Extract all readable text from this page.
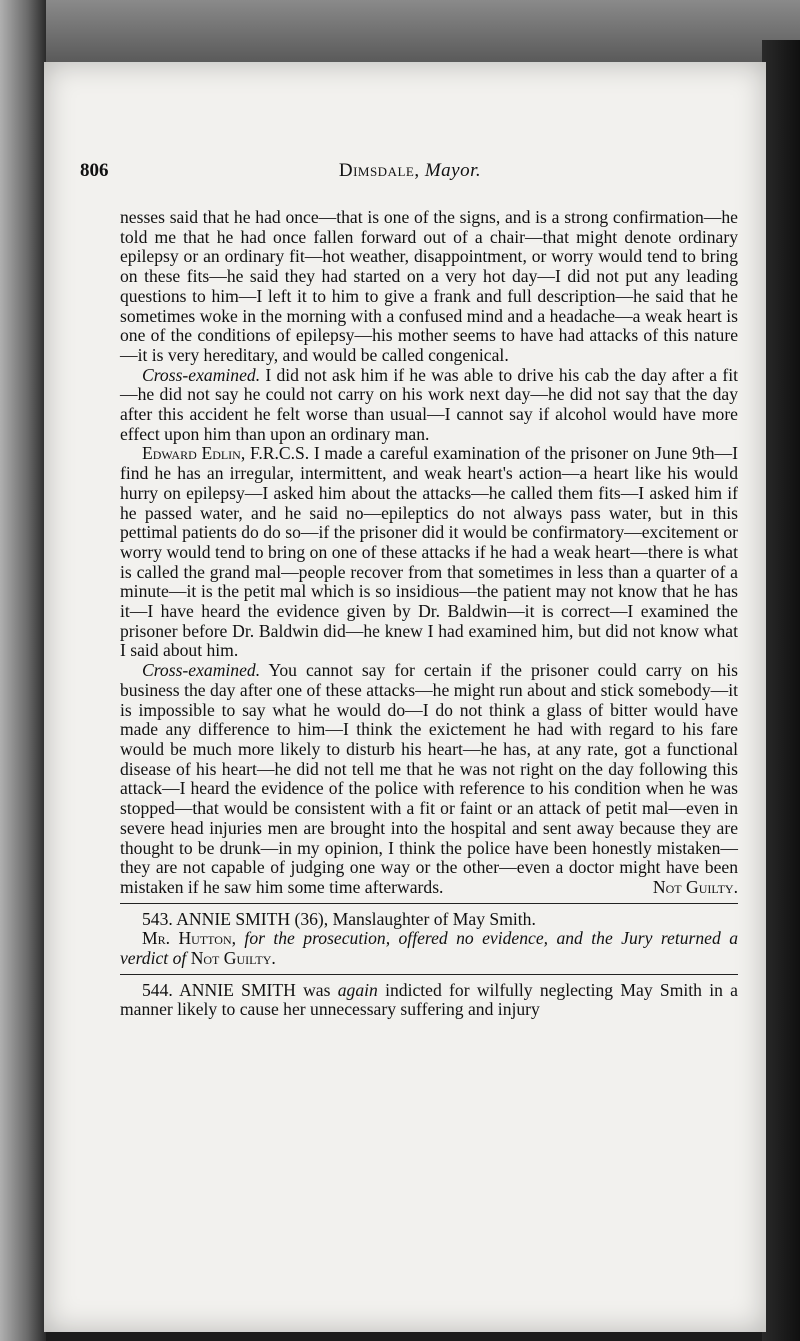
806	Dimsdale, Mayor.

nesses said that he had once—that is one of the signs, and is a strong confirmation—he told me that he had once fallen forward out of a chair—that might denote ordinary epilepsy or an ordinary fit—hot weather, disappointment, or worry would tend to bring on these fits—he said they had started on a very hot day—I did not put any leading questions to him—I left it to him to give a frank and full description—he said that he sometimes woke in the morning with a confused mind and a headache—a weak heart is one of the conditions of epilepsy—his mother seems to have had attacks of this nature—it is very hereditary, and would be called congenical.

Cross-examined. I did not ask him if he was able to drive his cab the day after a fit—he did not say he could not carry on his work next day—he did not say that the day after this accident he felt worse than usual—I cannot say if alcohol would have more effect upon him than upon an ordinary man.

Edward Edlin, F.R.C.S. I made a careful examination of the prisoner on June 9th—I find he has an irregular, intermittent, and weak heart's action—a heart like his would hurry on epilepsy—I asked him about the attacks—he called them fits—I asked him if he passed water, and he said no—epileptics do not always pass water, but in this pettimal patients do do so—if the prisoner did it would be confirmatory—excitement or worry would tend to bring on one of these attacks if he had a weak heart—there is what is called the grand mal—people recover from that sometimes in less than a quarter of a minute—it is the petit mal which is so insidious—the patient may not know that he has it—I have heard the evidence given by Dr. Baldwin—it is correct—I examined the prisoner before Dr. Baldwin did—he knew I had examined him, but did not know what I said about him.

Cross-examined. You cannot say for certain if the prisoner could carry on his business the day after one of these attacks—he might run about and stick somebody—it is impossible to say what he would do—I do not think a glass of bitter would have made any difference to him—I think the exictement he had with regard to his fare would be much more likely to disturb his heart—he has, at any rate, got a functional disease of his heart—he did not tell me that he was not right on the day following this attack—I heard the evidence of the police with reference to his condition when he was stopped—that would be consistent with a fit or faint or an attack of petit mal—even in severe head injuries men are brought into the hospital and sent away because they are thought to be drunk—in my opinion, I think the police have been honestly mistaken—they are not capable of judging one way or the other—even a doctor might have been mistaken if he saw him some time afterwards.	Not Guilty.

543. ANNIE SMITH (36), Manslaughter of May Smith.

Mr. Hutton, for the prosecution, offered no evidence, and the Jury returned a verdict of Not Guilty.

544. ANNIE SMITH was again indicted for wilfully neglecting May Smith in a manner likely to cause her unnecessary suffering and injury
